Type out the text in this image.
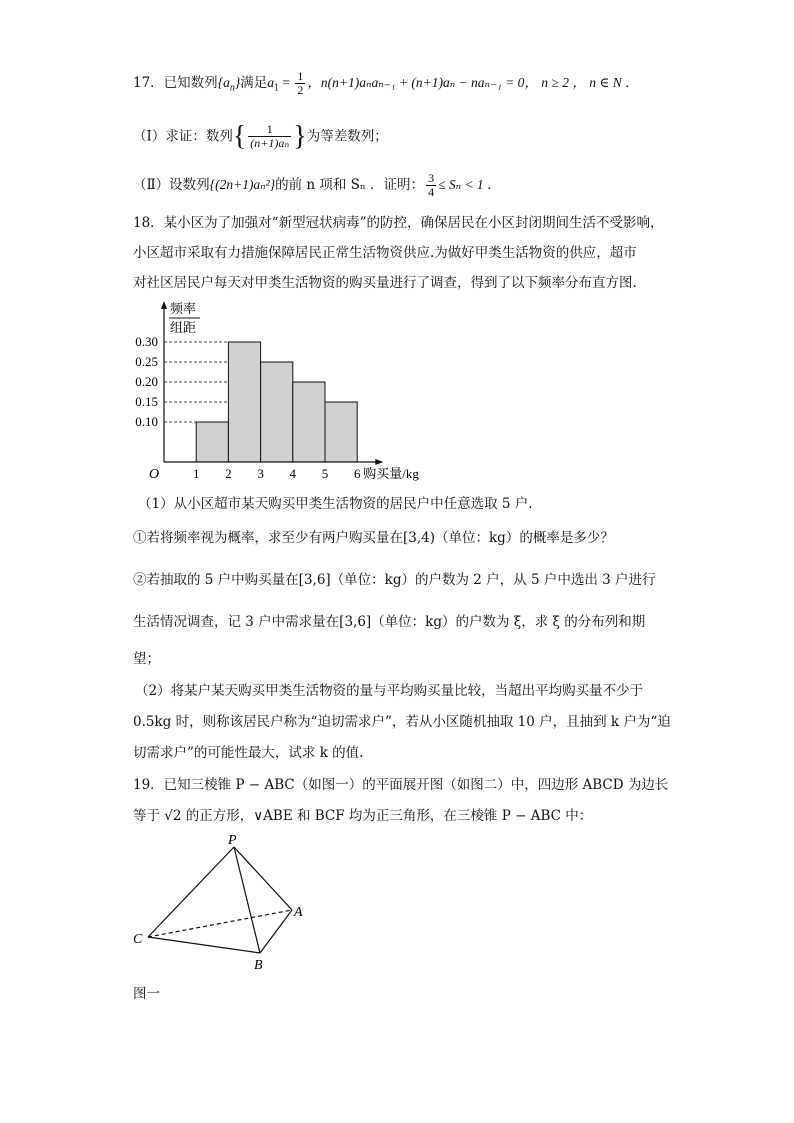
17．已知数列$\{a_n\}$满足$a_1 = \frac{1}{2}$ ，n(n+1)aₙaₙ₋₁ + (n+1)aₙ − naₙ₋₁ = 0， n ≥ 2 ， n ∈ N ．
（Ⅰ）求证：数列{ $\frac{1}{\text{(n+1)aₙ}}$ }为等差数列；
（Ⅱ）设数列{(2n+1)aₙ²}的前 n 项和 Sₙ ．证明： $\frac{3}{4} \le S_n < 1$ ．
18．某小区为了加强对“新型冠状病毒”的防控，确保居民在小区封闭期间生活不受影响，
小区超市采取有力措施保障居民正常生活物资供应.为做好甲类生活物资的供应，超市
对社区居民户每天对甲类生活物资的购买量进行了调查，得到了以下频率分布直方图.
1 2 3 4 5 6
0.10
0.15
0.20
0.25
0.30
O
频率
组距
购买量/kg
（1）从小区超市某天购买甲类生活物资的居民户中任意选取 5 户.
①若将频率视为概率，求至少有两户购买量在[3,4)（单位：kg）的概率是多少？
②若抽取的 5 户中购买量在[3,6]（单位：kg）的户数为 2 户，从 5 户中选出 3 户进行
生活情况调查，记 3 户中需求量在[3,6]（单位：kg）的户数为 ξ，求 ξ 的分布列和期
望；
（2）将某户某天购买甲类生活物资的量与平均购买量比较，当超出平均购买量不少于
0.5kg 时，则称该居民户称为“迫切需求户”，若从小区随机抽取 10 户，且抽到 k 户为“迫
切需求户”的可能性最大，试求 k 的值.
19．已知三棱锥 P − ABC（如图一）的平面展开图（如图二）中，四边形 ABCD 为边长
等于 √2 的正方形，∨ABE 和 BCF 均为正三角形，在三棱锥 P − ABC 中：
P
A
B
C
图一
